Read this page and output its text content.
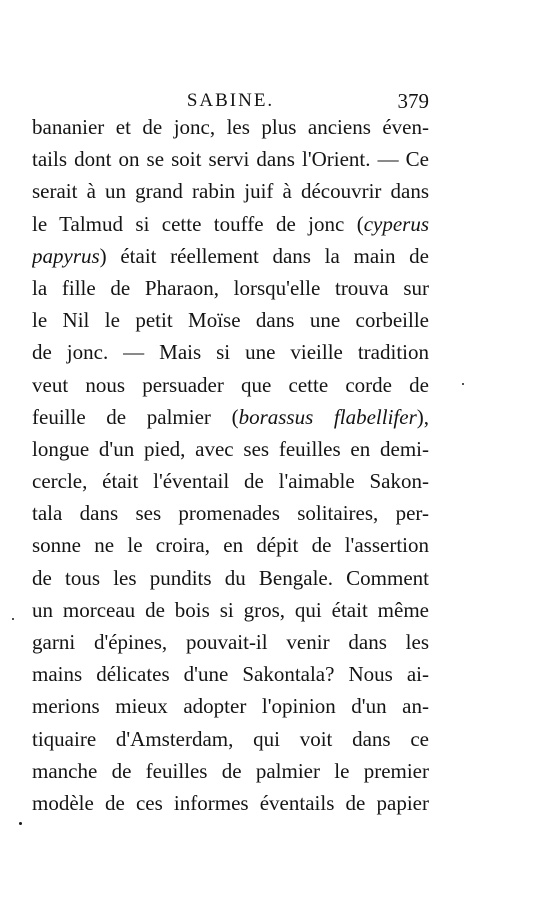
SABINE.	379
bananier et de jonc, les plus anciens éven-
tails dont on se soit servi dans l'Orient. — Ce
serait à un grand rabin juif à découvrir dans
le Talmud si cette touffe de jonc (cyperus
papyrus) était réellement dans la main de
la fille de Pharaon, lorsqu'elle trouva sur
le Nil le petit Moïse dans une corbeille
de jonc. — Mais si une vieille tradition
veut nous persuader que cette corde de
feuille de palmier (borassus flabellifer),
longue d'un pied, avec ses feuilles en demi-
cercle, était l'éventail de l'aimable Sakon-
tala dans ses promenades solitaires, per-
sonne ne le croira, en dépit de l'assertion
de tous les pundits du Bengale. Comment
un morceau de bois si gros, qui était même
garni d'épines, pouvait-il venir dans les
mains délicates d'une Sakontala? Nous ai-
merions mieux adopter l'opinion d'un an-
tiquaire d'Amsterdam, qui voit dans ce
manche de feuilles de palmier le premier
modèle de ces informes éventails de papier
